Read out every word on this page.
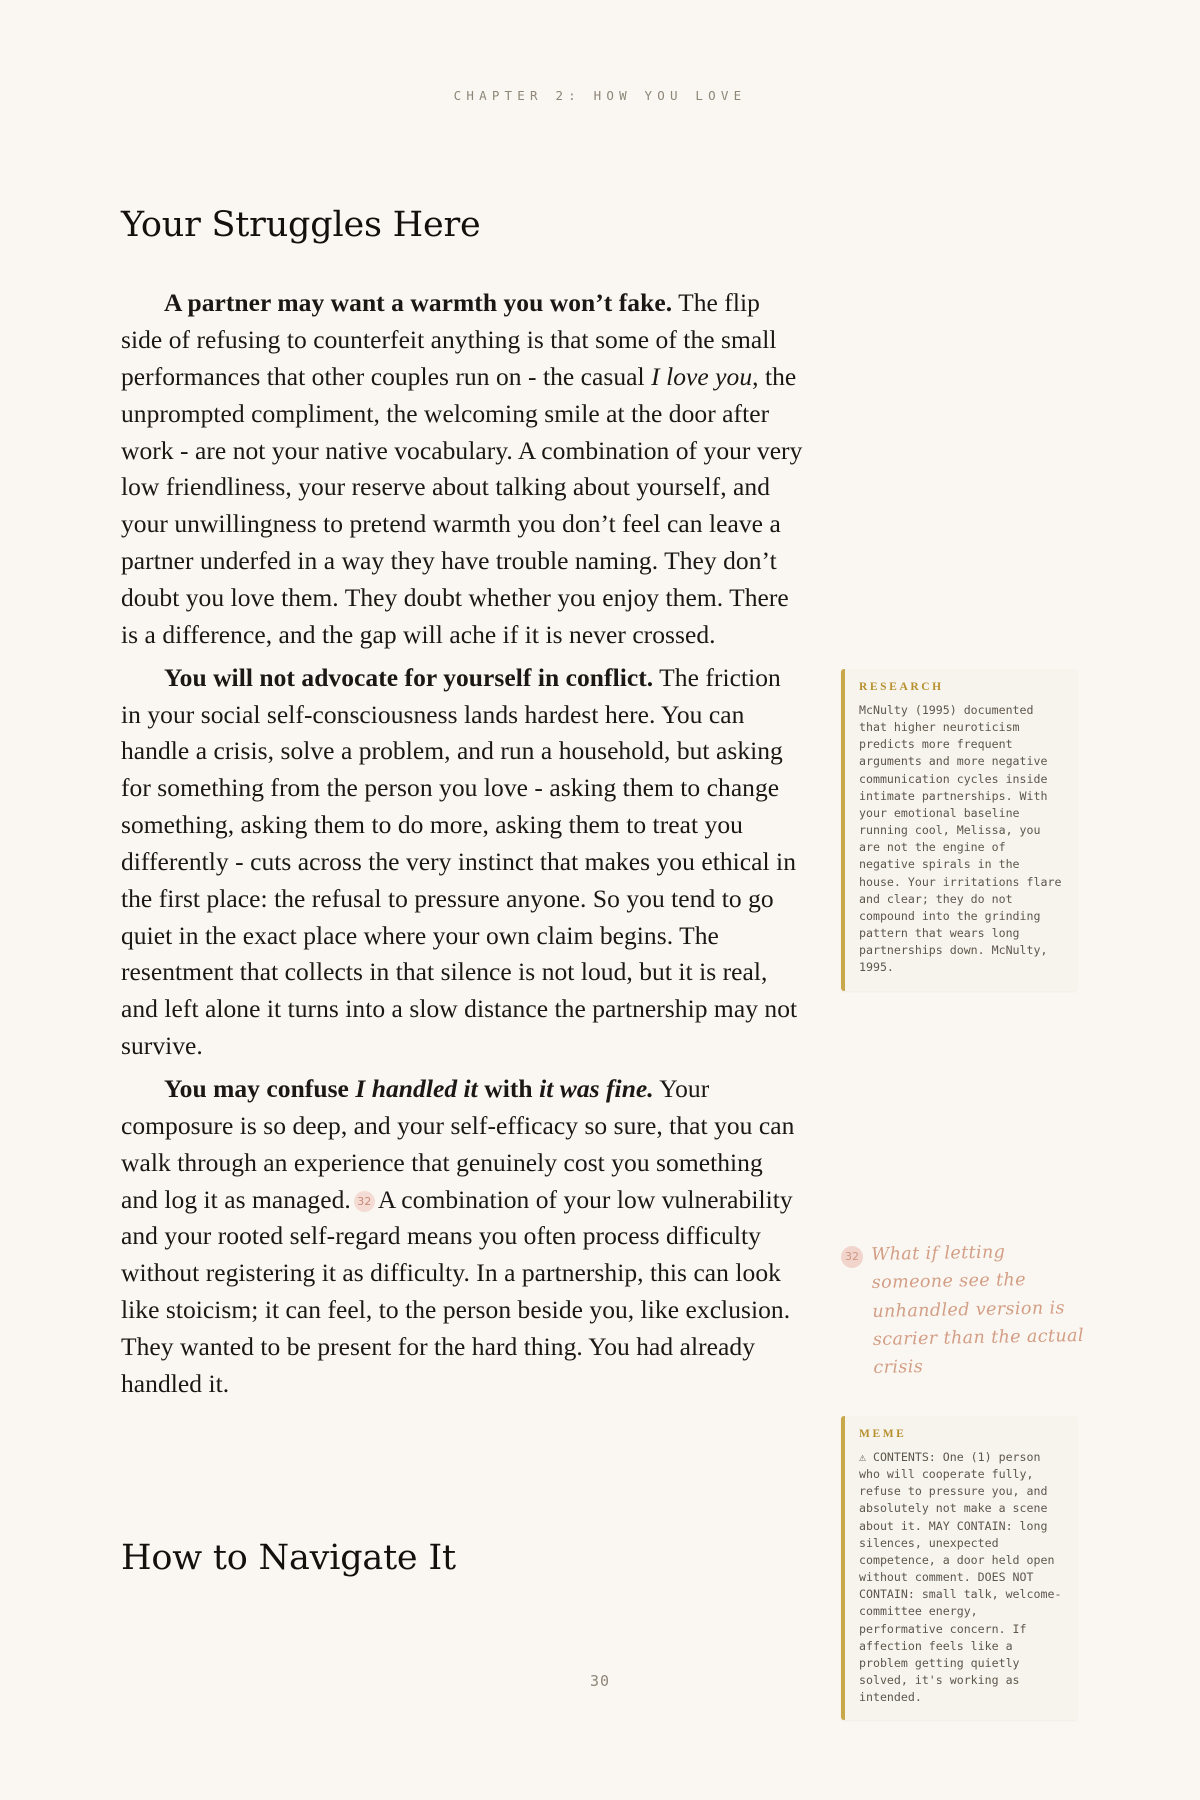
CHAPTER 2: HOW YOU LOVE
Your Struggles Here

A partner may want a warmth you won’t fake. The flip side of refusing to counterfeit anything is that some of the small performances that other couples run on - the casual I love you, the unprompted compliment, the welcoming smile at the door after work - are not your native vocabulary. A combination of your very low friendliness, your reserve about talking about yourself, and your unwillingness to pretend warmth you don’t feel can leave a partner underfed in a way they have trouble naming. They don’t doubt you love them. They doubt whether you enjoy them. There is a difference, and the gap will ache if it is never crossed.

You will not advocate for yourself in conflict. The friction in your social self-consciousness lands hardest here. You can handle a crisis, solve a problem, and run a household, but asking for something from the person you love - asking them to change something, asking them to do more, asking them to treat you differently - cuts across the very instinct that makes you ethical in the first place: the refusal to pressure anyone. So you tend to go quiet in the exact place where your own claim begins. The resentment that collects in that silence is not loud, but it is real, and left alone it turns into a slow distance the partnership may not survive.

You may confuse I handled it with it was fine. Your composure is so deep, and your self-efficacy so sure, that you can walk through an experience that genuinely cost you something and log it as managed. 32 A combination of your low vulnerability and your rooted self-regard means you often process difficulty without registering it as difficulty. In a partnership, this can look like stoicism; it can feel, to the person beside you, like exclusion. They wanted to be present for the hard thing. You had already handled it.

How to Navigate It
RESEARCH
McNulty (1995) documented that higher neuroticism predicts more frequent arguments and more negative communication cycles inside intimate partnerships. With your emotional baseline running cool, Melissa, you are not the engine of negative spirals in the house. Your irritations flare and clear; they do not compound into the grinding pattern that wears long partnerships down. McNulty, 1995.
32 What if letting someone see the unhandled version is scarier than the actual crisis
MEME
⚠ CONTENTS: One (1) person who will cooperate fully, refuse to pressure you, and absolutely not make a scene about it. MAY CONTAIN: long silences, unexpected competence, a door held open without comment. DOES NOT CONTAIN: small talk, welcome-committee energy, performative concern. If affection feels like a problem getting quietly solved, it's working as intended.
30
